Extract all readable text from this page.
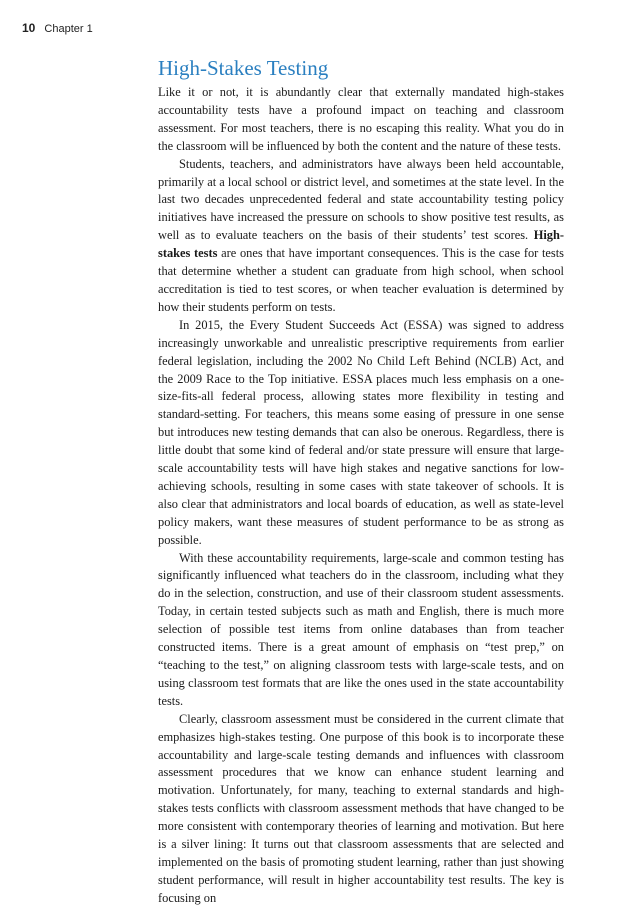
10 Chapter 1
High-Stakes Testing

Like it or not, it is abundantly clear that externally mandated high-stakes accountability tests have a profound impact on teaching and classroom assessment. For most teachers, there is no escaping this reality. What you do in the classroom will be influenced by both the content and the nature of these tests.

Students, teachers, and administrators have always been held accountable, primarily at a local school or district level, and sometimes at the state level. In the last two decades unprecedented federal and state accountability testing policy initiatives have increased the pressure on schools to show positive test results, as well as to evaluate teachers on the basis of their students’ test scores. High-stakes tests are ones that have important consequences. This is the case for tests that determine whether a student can graduate from high school, when school accreditation is tied to test scores, or when teacher evaluation is determined by how their students perform on tests.

In 2015, the Every Student Succeeds Act (ESSA) was signed to address increasingly unworkable and unrealistic prescriptive requirements from earlier federal legislation, including the 2002 No Child Left Behind (NCLB) Act, and the 2009 Race to the Top initiative. ESSA places much less emphasis on a one-size-fits-all federal process, allowing states more flexibility in testing and standard-setting. For teachers, this means some easing of pressure in one sense but introduces new testing demands that can also be onerous. Regardless, there is little doubt that some kind of federal and/or state pressure will ensure that large-scale accountability tests will have high stakes and negative sanctions for low-achieving schools, resulting in some cases with state takeover of schools. It is also clear that administrators and local boards of education, as well as state-level policy makers, want these measures of student performance to be as strong as possible.

With these accountability requirements, large-scale and common testing has significantly influenced what teachers do in the classroom, including what they do in the selection, construction, and use of their classroom student assessments. Today, in certain tested subjects such as math and English, there is much more selection of possible test items from online databases than from teacher constructed items. There is a great amount of emphasis on “test prep,” on “teaching to the test,” on aligning classroom tests with large-scale tests, and on using classroom test formats that are like the ones used in the state accountability tests.

Clearly, classroom assessment must be considered in the current climate that emphasizes high-stakes testing. One purpose of this book is to incorporate these accountability and large-scale testing demands and influences with classroom assessment procedures that we know can enhance student learning and motivation. Unfortunately, for many, teaching to external standards and high-stakes tests conflicts with classroom assessment methods that have changed to be more consistent with contemporary theories of learning and motivation. But here is a silver lining: It turns out that classroom assessments that are selected and implemented on the basis of promoting student learning, rather than just showing student performance, will result in higher accountability test results. The key is focusing on
